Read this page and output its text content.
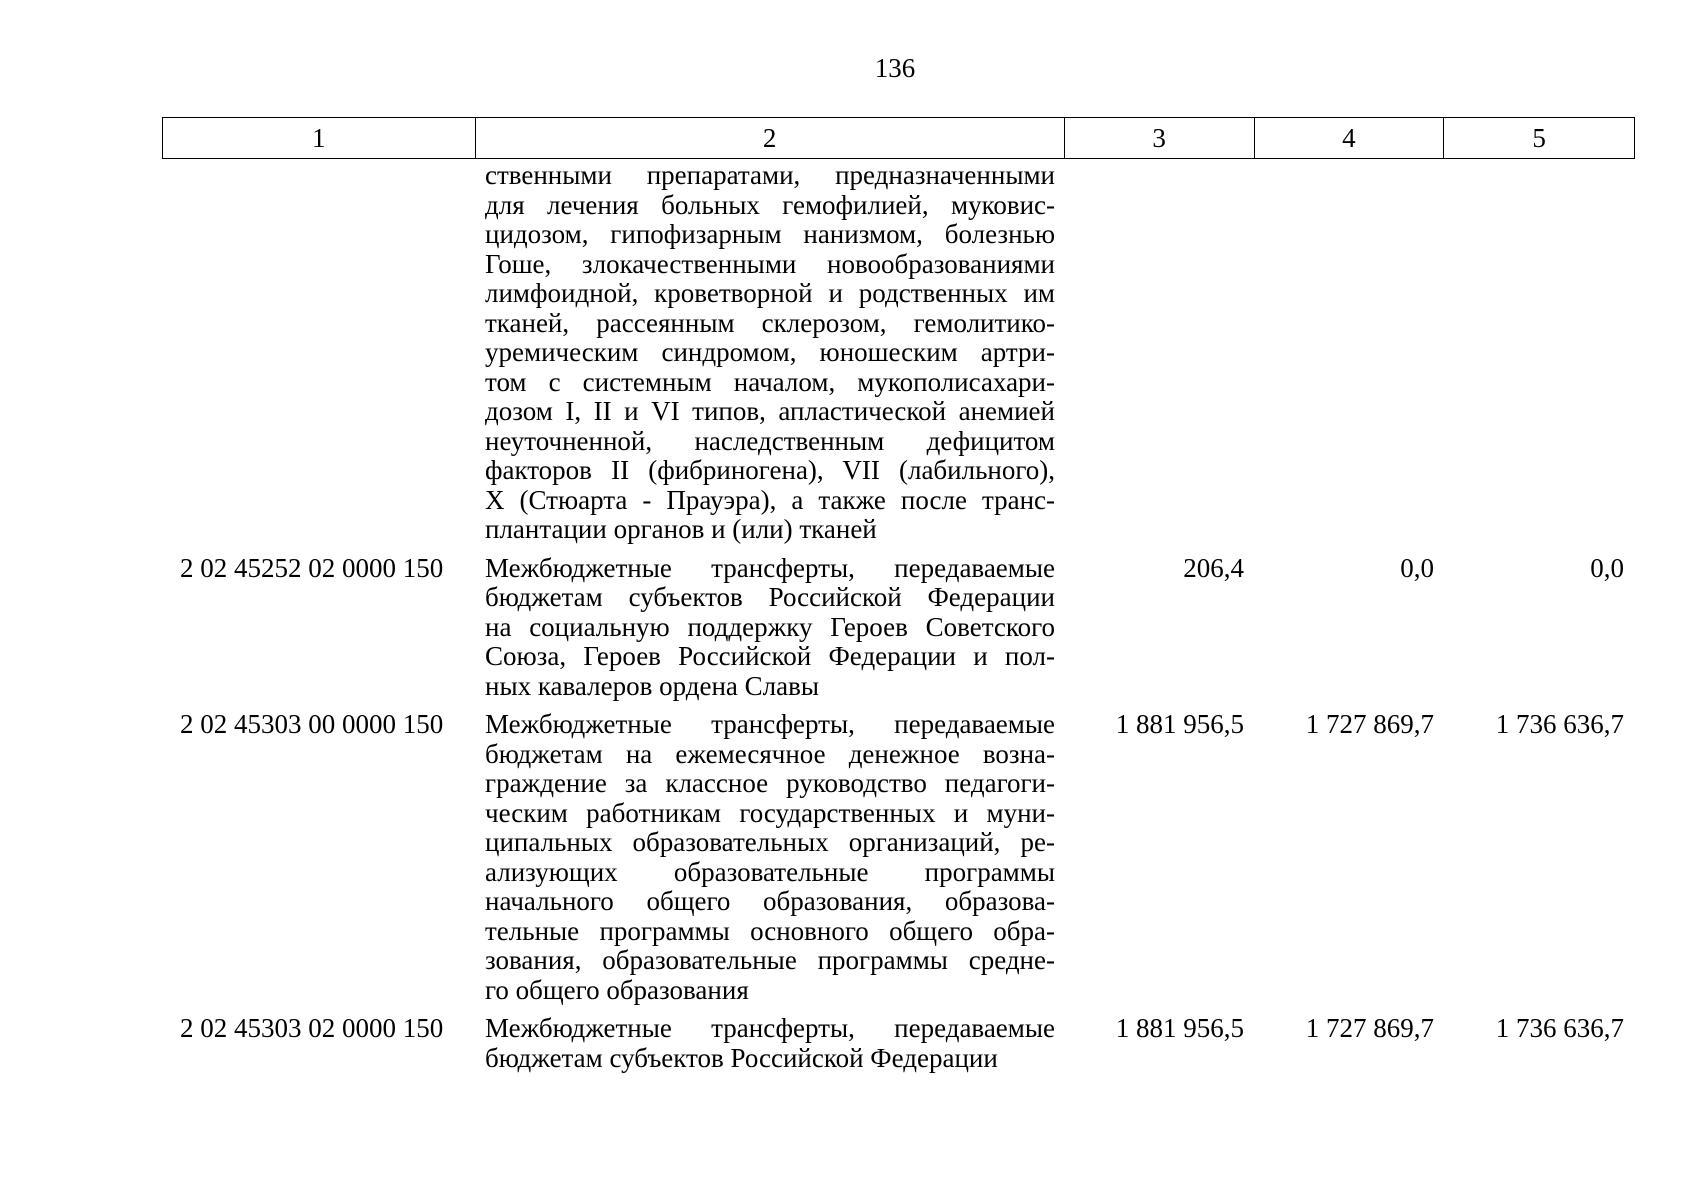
136
1	2	3	4	5
ственными препаратами, предназначенными
для лечения больных гемофилией, муковис-
цидозом, гипофизарным нанизмом, болезнью
Гоше, злокачественными новообразованиями
лимфоидной, кроветворной и родственных им
тканей, рассеянным склерозом, гемолитико-
уремическим синдромом, юношеским артри-
том с системным началом, мукополисахари-
дозом I, II и VI типов, апластической анемией
неуточненной, наследственным дефицитом
факторов II (фибриногена), VII (лабильного),
X (Стюарта - Прауэра), а также после транс-
плантации органов и (или) тканей
2 02 45252 02 0000 150	Межбюджетные трансферты, передаваемые
бюджетам субъектов Российской Федерации
на социальную поддержку Героев Советского
Союза, Героев Российской Федерации и пол-
ных кавалеров ордена Славы
206,4	0,0	0,0
2 02 45303 00 0000 150	Межбюджетные трансферты, передаваемые
бюджетам на ежемесячное денежное возна-
граждение за классное руководство педагоги-
ческим работникам государственных и муни-
ципальных образовательных организаций, ре-
ализующих образовательные программы
начального общего образования, образова-
тельные программы основного общего обра-
зования, образовательные программы средне-
го общего образования
1 881 956,5	1 727 869,7	1 736 636,7
2 02 45303 02 0000 150	Межбюджетные трансферты, передаваемые
бюджетам субъектов Российской Федерации
1 881 956,5	1 727 869,7	1 736 636,7
